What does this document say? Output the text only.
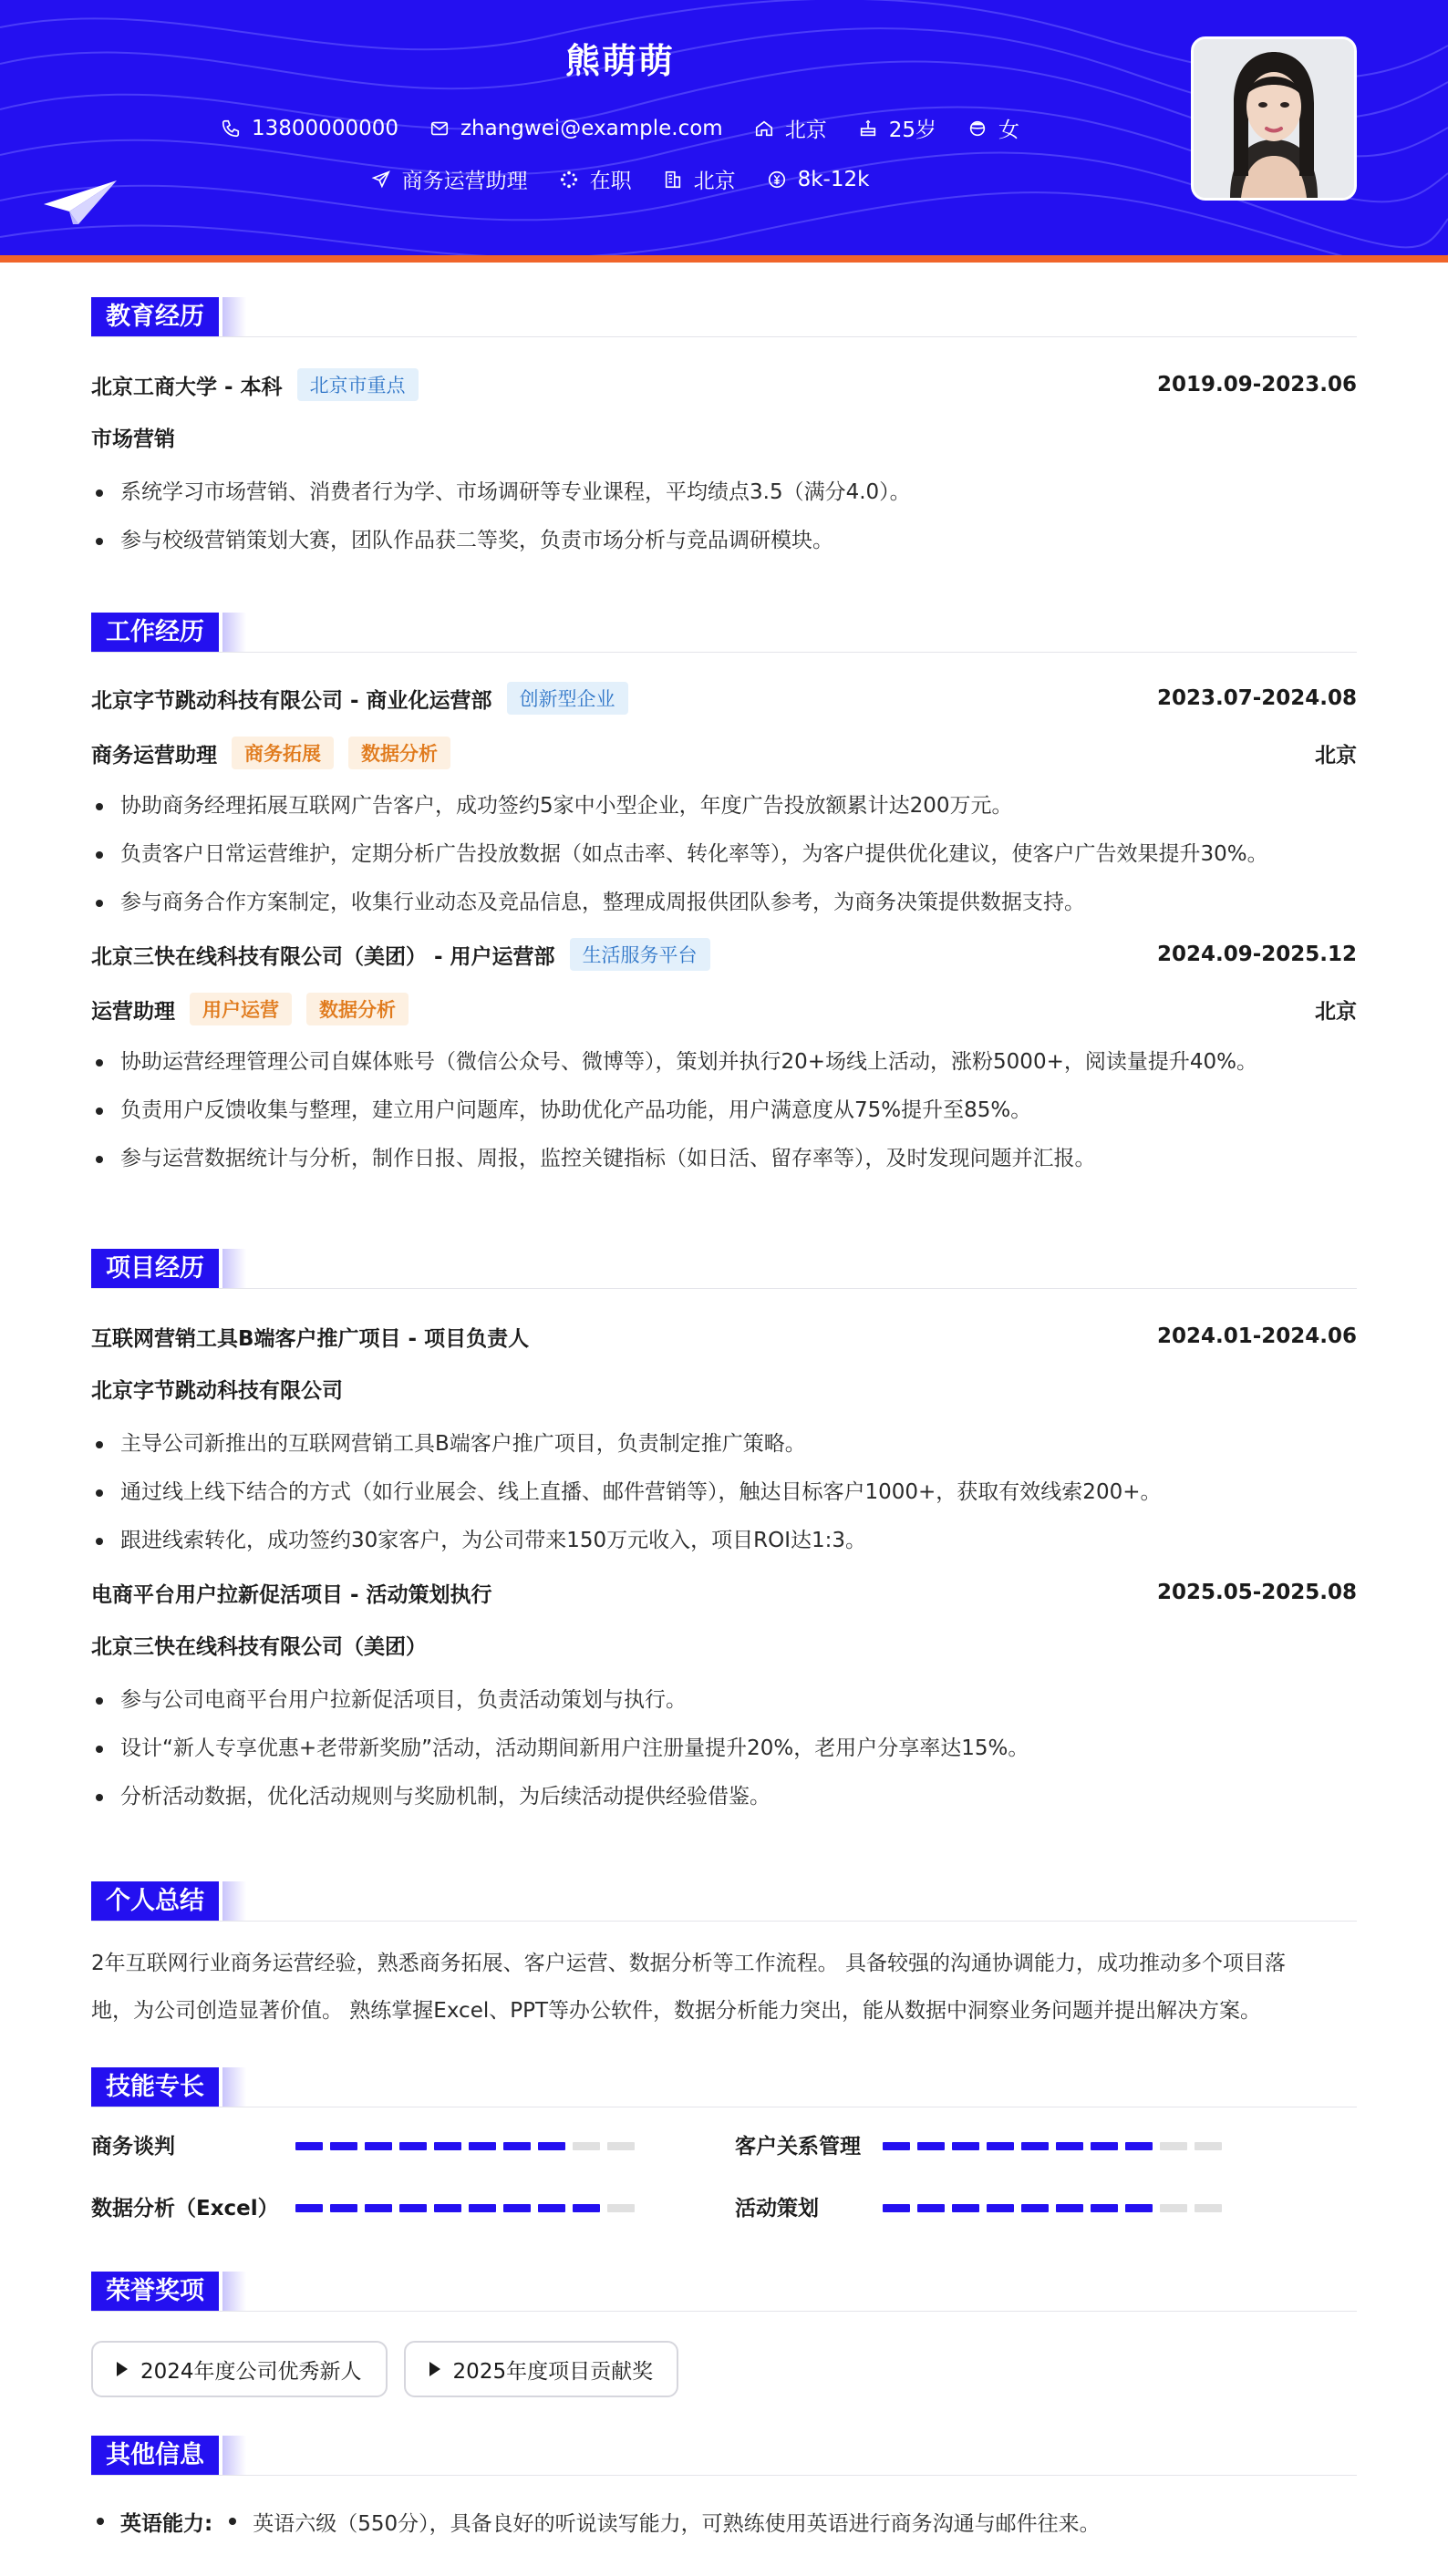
熊萌萌
13800000000	zhangwei@example.com	北京	25岁	女
商务运营助理	在职	北京	8k-12k
教育经历
北京工商大学 - 本科	北京市重点	2019.09-2023.06
市场营销
系统学习市场营销、消费者行为学、市场调研等专业课程，平均绩点3.5（满分4.0）。
参与校级营销策划大赛，团队作品获二等奖，负责市场分析与竞品调研模块。
工作经历
北京字节跳动科技有限公司 - 商业化运营部	创新型企业	2023.07-2024.08
商务运营助理	商务拓展	数据分析	北京
协助商务经理拓展互联网广告客户，成功签约5家中小型企业，年度广告投放额累计达200万元。
负责客户日常运营维护，定期分析广告投放数据（如点击率、转化率等），为客户提供优化建议，使客户广告效果提升30%。
参与商务合作方案制定，收集行业动态及竞品信息，整理成周报供团队参考，为商务决策提供数据支持。
北京三快在线科技有限公司（美团） - 用户运营部	生活服务平台	2024.09-2025.12
运营助理	用户运营	数据分析	北京
协助运营经理管理公司自媒体账号（微信公众号、微博等），策划并执行20+场线上活动，涨粉5000+，阅读量提升40%。
负责用户反馈收集与整理，建立用户问题库，协助优化产品功能，用户满意度从75%提升至85%。
参与运营数据统计与分析，制作日报、周报，监控关键指标（如日活、留存率等），及时发现问题并汇报。
项目经历
互联网营销工具B端客户推广项目 - 项目负责人	2024.01-2024.06
北京字节跳动科技有限公司
主导公司新推出的互联网营销工具B端客户推广项目，负责制定推广策略。
通过线上线下结合的方式（如行业展会、线上直播、邮件营销等），触达目标客户1000+，获取有效线索200+。
跟进线索转化，成功签约30家客户，为公司带来150万元收入，项目ROI达1:3。
电商平台用户拉新促活项目 - 活动策划执行	2025.05-2025.08
北京三快在线科技有限公司（美团）
参与公司电商平台用户拉新促活项目，负责活动策划与执行。
设计“新人专享优惠+老带新奖励”活动，活动期间新用户注册量提升20%，老用户分享率达15%。
分析活动数据，优化活动规则与奖励机制，为后续活动提供经验借鉴。
个人总结
2年互联网行业商务运营经验，熟悉商务拓展、客户运营、数据分析等工作流程。 具备较强的沟通协调能力，成功推动多个项目落
地，为公司创造显著价值。 熟练掌握Excel、PPT等办公软件，数据分析能力突出，能从数据中洞察业务问题并提出解决方案。
技能专长
商务谈判	客户关系管理
数据分析（Excel）	活动策划
荣誉奖项
2024年度公司优秀新人	2025年度项目贡献奖
其他信息
英语能力: 英语六级（550分），具备良好的听说读写能力，可熟练使用英语进行商务沟通与邮件往来。
